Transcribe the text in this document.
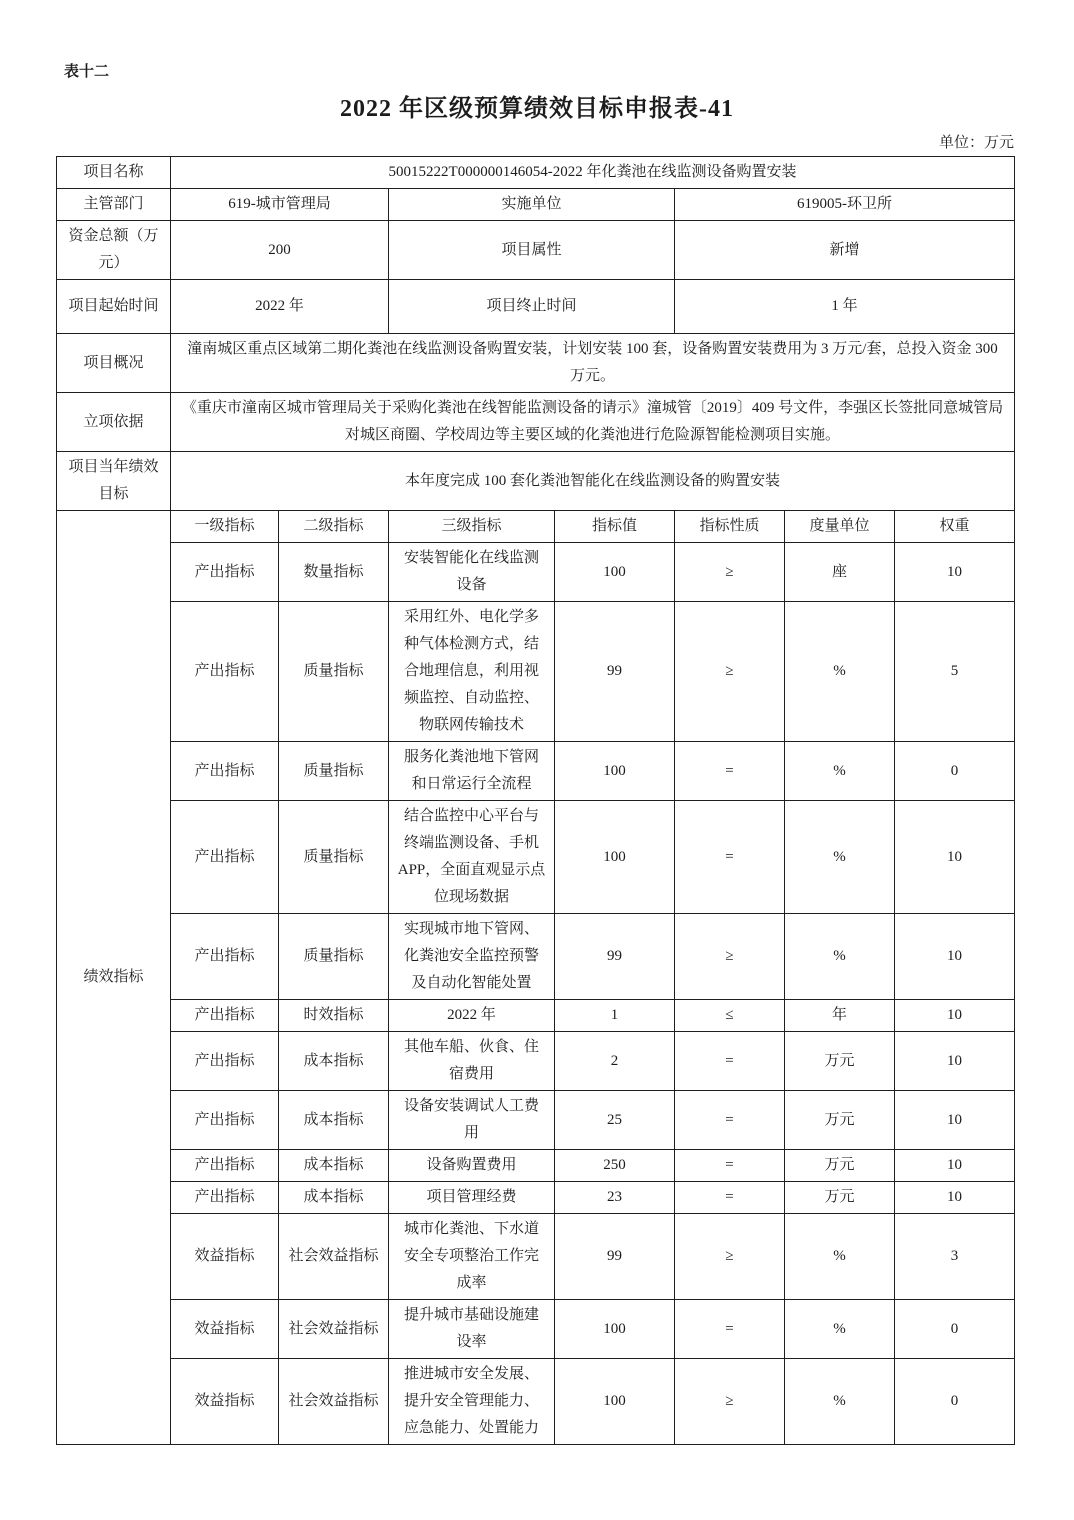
表十二
2022 年区级预算绩效目标申报表-41
单位：万元
项目名称	50015222T000000146054-2022 年化粪池在线监测设备购置安装						
主管部门	619-城市管理局		实施单位		619005-环卫所		
资金总额（万元）	200		项目属性		新增		
项目起始时间	2022 年		项目终止时间		1 年		
项目概况	潼南城区重点区域第二期化粪池在线监测设备购置安装，计划安装 100 套，设备购置安装费用为 3 万元/套，总投入资金 300 万元。						
立项依据	《重庆市潼南区城市管理局关于采购化粪池在线智能监测设备的请示》潼城管〔2019〕409 号文件，李强区长签批同意城管局对城区商圈、学校周边等主要区域的化粪池进行危险源智能检测项目实施。						
项目当年绩效目标	本年度完成 100 套化粪池智能化在线监测设备的购置安装						
绩效指标	一级指标	二级指标	三级指标	指标值	指标性质	度量单位	权重
	产出指标	数量指标	安装智能化在线监测设备	100	≥	座	10
	产出指标	质量指标	采用红外、电化学多种气体检测方式，结合地理信息，利用视频监控、自动监控、物联网传输技术	99	≥	%	5
	产出指标	质量指标	服务化粪池地下管网和日常运行全流程	100	=	%	0
	产出指标	质量指标	结合监控中心平台与终端监测设备、手机 APP，全面直观显示点位现场数据	100	=	%	10
	产出指标	质量指标	实现城市地下管网、化粪池安全监控预警及自动化智能处置	99	≥	%	10
	产出指标	时效指标	2022 年	1	≤	年	10
	产出指标	成本指标	其他车船、伙食、住宿费用	2	=	万元	10
	产出指标	成本指标	设备安装调试人工费用	25	=	万元	10
	产出指标	成本指标	设备购置费用	250	=	万元	10
	产出指标	成本指标	项目管理经费	23	=	万元	10
	效益指标	社会效益指标	城市化粪池、下水道安全专项整治工作完成率	99	≥	%	3
	效益指标	社会效益指标	提升城市基础设施建设率	100	=	%	0
	效益指标	社会效益指标	推进城市安全发展、提升安全管理能力、应急能力、处置能力	100	≥	%	0
